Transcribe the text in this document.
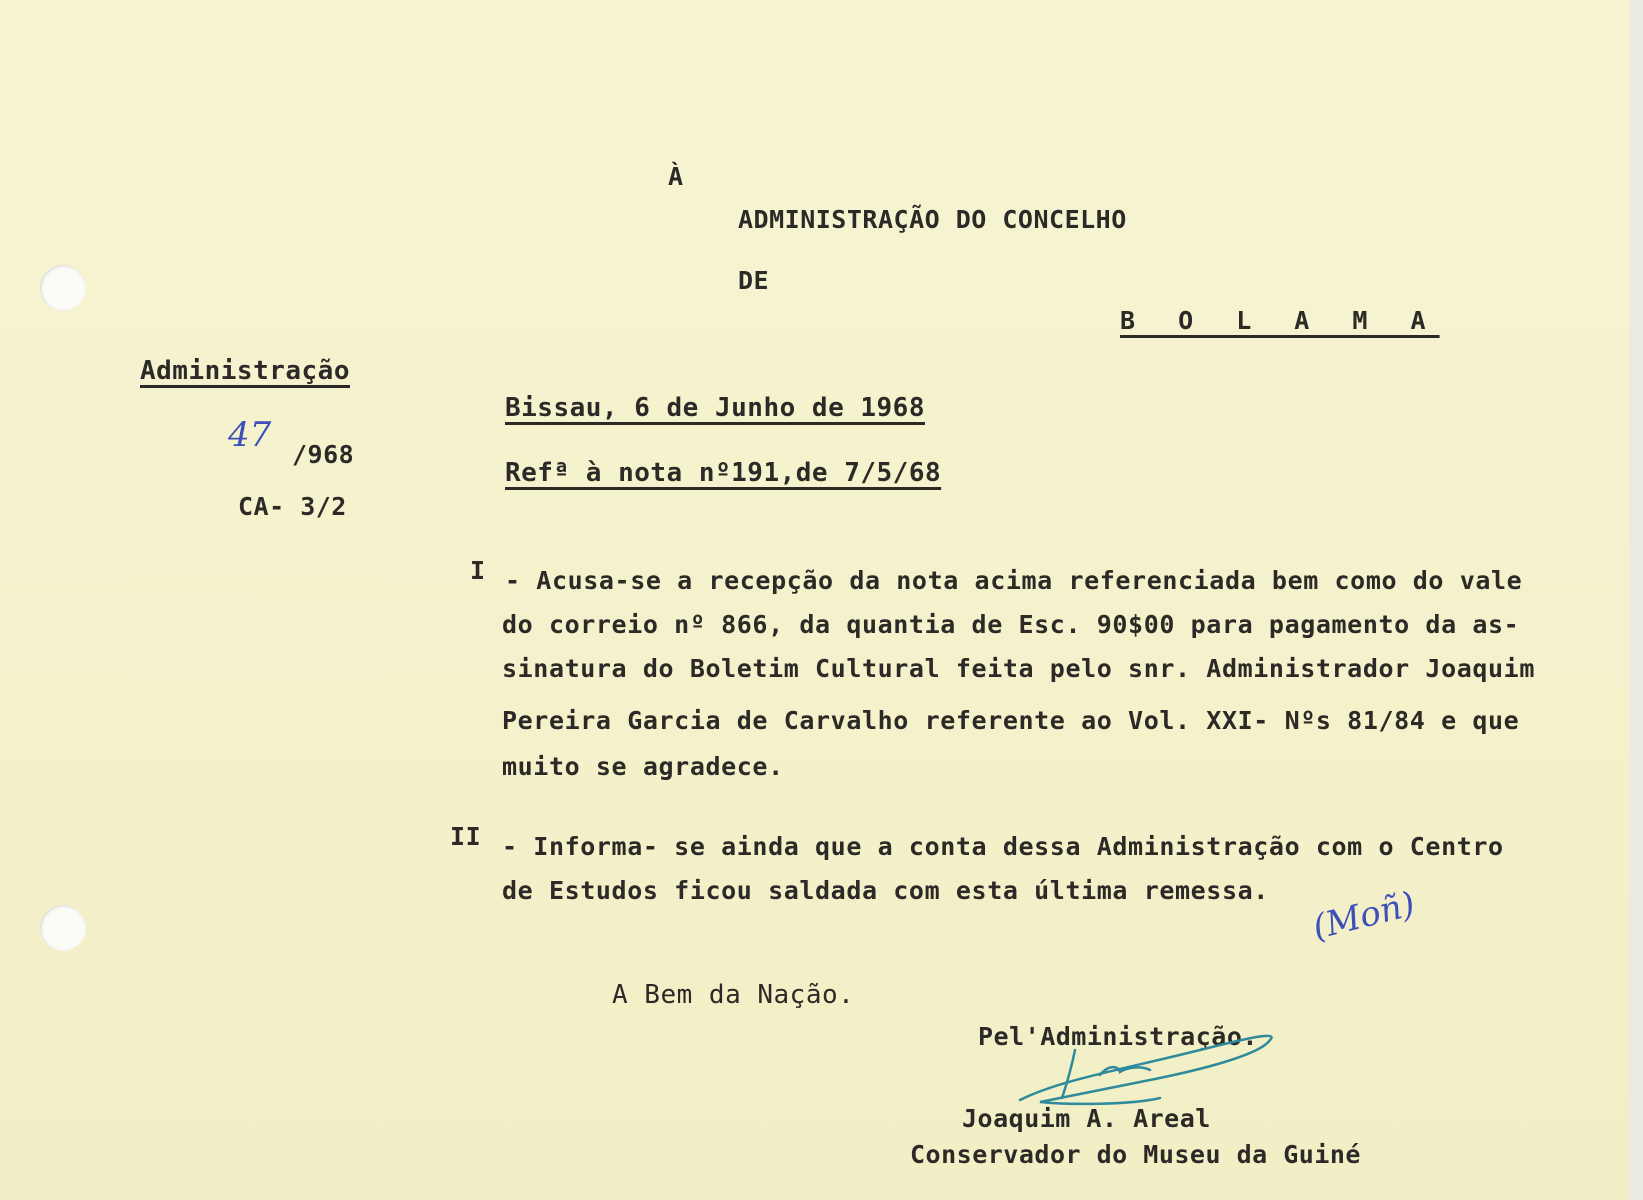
À
ADMINISTRAÇÃO DO CONCELHO
DE
B O L A M A
Administração
47 /968
CA- 3/2
Bissau, 6 de Junho de 1968
Refª à nota nº191,de 7/5/68
I - Acusa-se a recepção da nota acima referenciada bem como do vale
do correio nº 866, da quantia de Esc. 90$00 para pagamento da as-
sinatura do Boletim Cultural feita pelo snr. Administrador Joaquim
Pereira Garcia de Carvalho referente ao Vol. XXI- Nºs 81/84 e que
muito se agradece.
II - Informa- se ainda que a conta dessa Administração com o Centro
de Estudos ficou saldada com esta última remessa. (Moñ)
A Bem da Nação.
Pel'Administração.
Joaquim A. Areal
Conservador do Museu da Guiné
